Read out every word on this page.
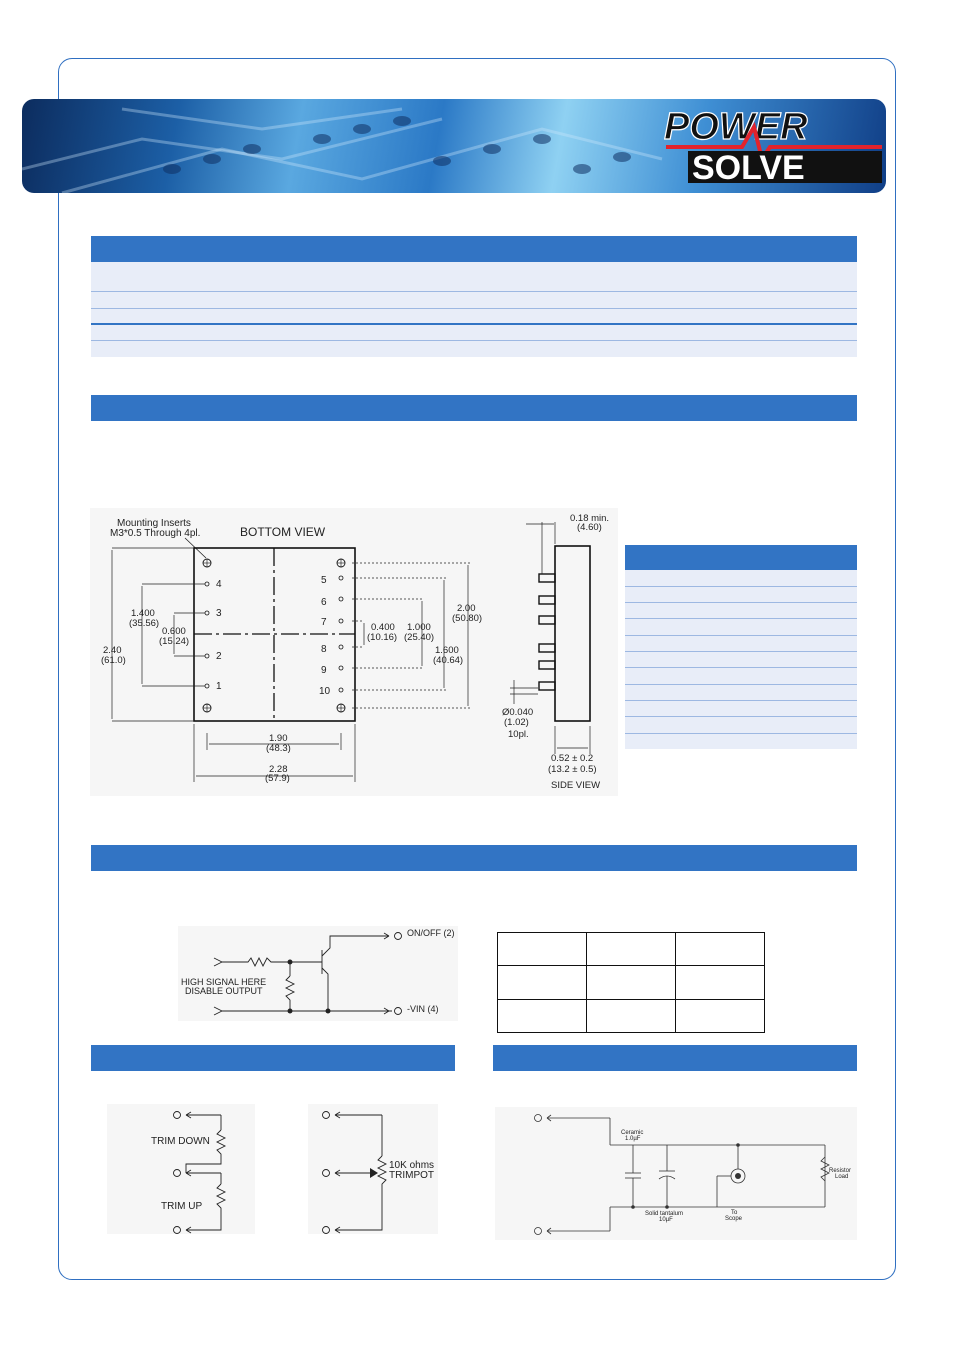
POWER
SOLVE
Mounting Inserts
M3*0.5 Through 4pl.	BOTTOM VIEW
4
3
2
1
5
6
7
8
9
10
2.40
(61.0)
1.400
(35.56)
0.600
(15.24)
0.400
(10.16)
1.000
(25.40)
1.600
(40.64)
2.00
(50.80)
1.90
(48.3)
2.28
(57.9)
0.18 min.
(4.60)
Ø0.040
(1.02)
10pl.
0.52 ± 0.2
(13.2 ± 0.5)
SIDE VIEW
ON/OFF (2)
-VIN (4)
HIGH SIGNAL HERE
DISABLE OUTPUT

TRIM DOWN
TRIM UP
10K ohms
TRIMPOT
Ceramic
1.0µF
Solid tantalum
10µF
To
Scope
Resistor
Load
